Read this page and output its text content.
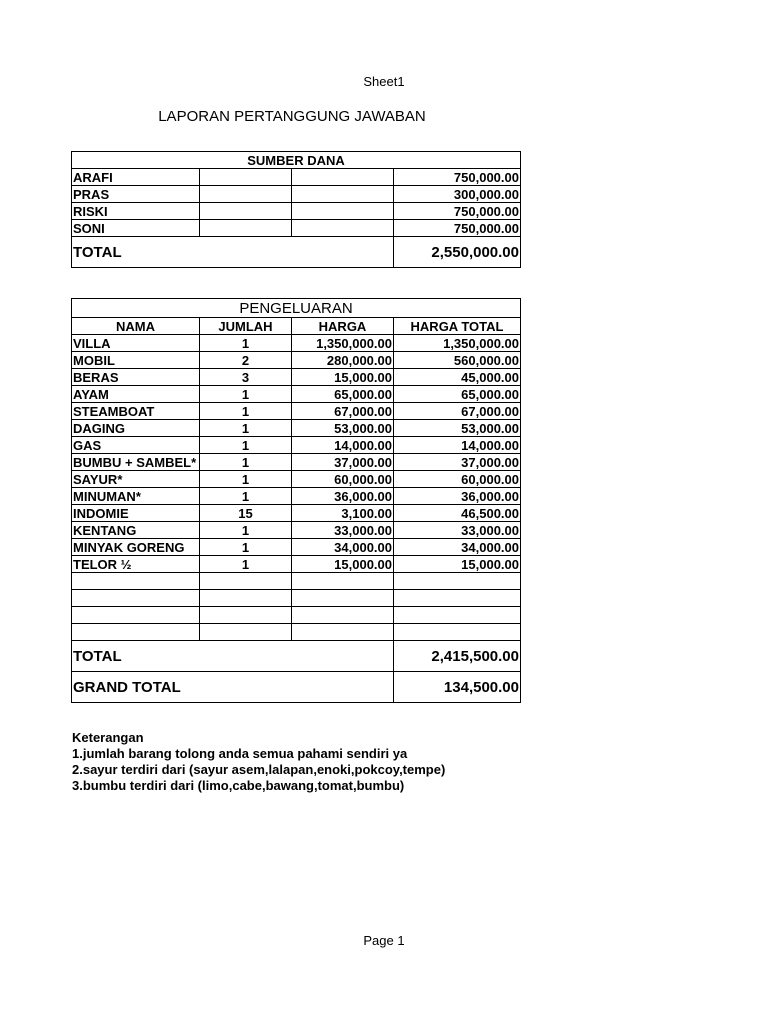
Sheet1
LAPORAN PERTANGGUNG JAWABAN
SUMBER DANA			
ARAFI			750,000.00
PRAS			300,000.00
RISKI			750,000.00
SONI			750,000.00
TOTAL			2,550,000.00
PENGELUARAN			
NAMA	JUMLAH	HARGA	HARGA TOTAL
VILLA	1	1,350,000.00	1,350,000.00
MOBIL	2	280,000.00	560,000.00
BERAS	3	15,000.00	45,000.00
AYAM	1	65,000.00	65,000.00
STEAMBOAT	1	67,000.00	67,000.00
DAGING	1	53,000.00	53,000.00
GAS	1	14,000.00	14,000.00
BUMBU + SAMBEL*	1	37,000.00	37,000.00
SAYUR*	1	60,000.00	60,000.00
MINUMAN*	1	36,000.00	36,000.00
INDOMIE	15	3,100.00	46,500.00
KENTANG	1	33,000.00	33,000.00
MINYAK GORENG	1	34,000.00	34,000.00
TELOR ½	1	15,000.00	15,000.00

TOTAL			2,415,500.00
GRAND TOTAL			134,500.00
Keterangan
1.jumlah barang tolong anda semua pahami sendiri ya
2.sayur terdiri dari (sayur asem,lalapan,enoki,pokcoy,tempe)
3.bumbu terdiri dari (limo,cabe,bawang,tomat,bumbu)
Page 1
